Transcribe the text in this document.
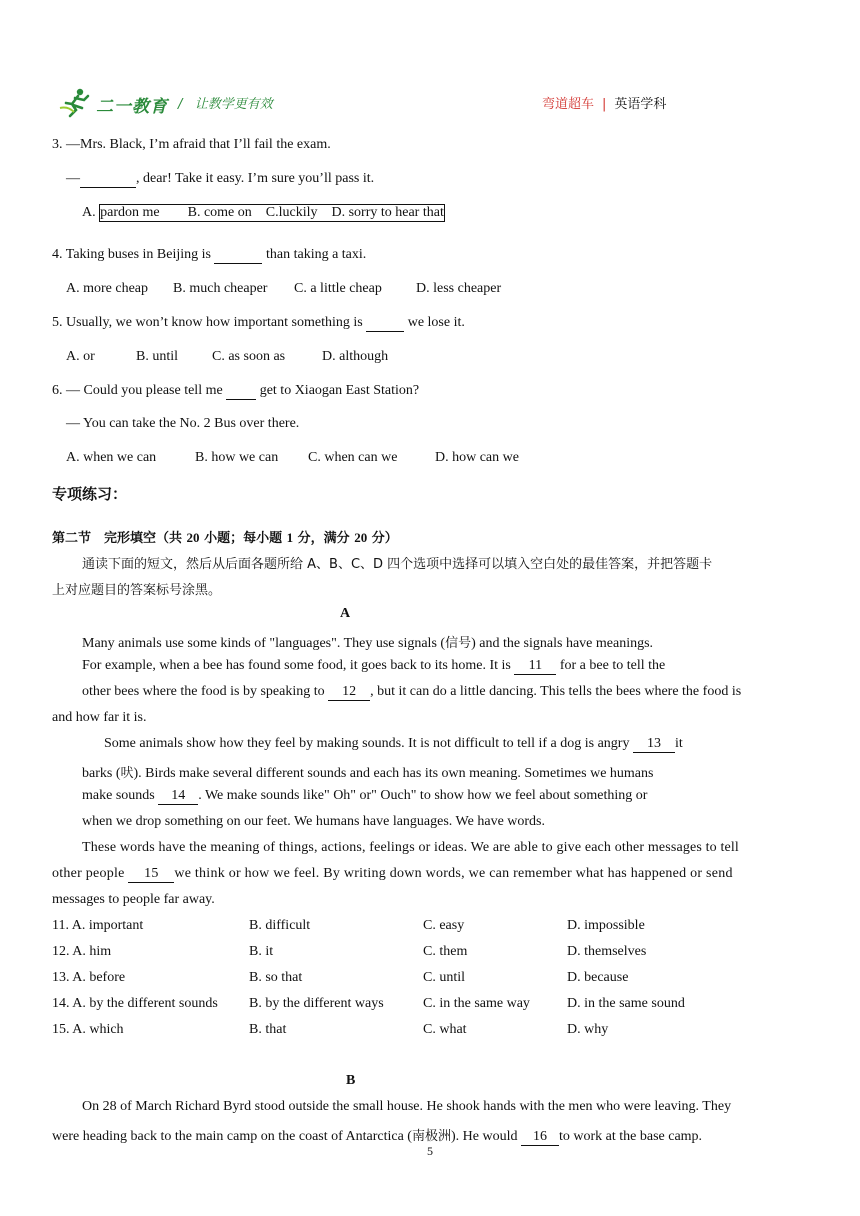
二一教育 / 让教学更有效	弯道超车 | 英语学科
3. —Mrs. Black, I’m afraid that I’ll fail the exam.
—	, dear! Take it easy. I’m sure you’ll pass it.
A. pardon me        B. come on    C.luckily    D. sorry to hear that
4. Taking buses in Beijing is	than taking a taxi.
A. more cheap B. much cheaper C. a little cheap D. less cheaper
5. Usually, we won’t know how important something is	we lose it.
A. or	B. until C. as soon as	D. although
6. — Could you please tell me	get to Xiaogan East Station?
— You can take the No. 2 Bus over there.
A. when we can	B. how we can C. when can we	D. how can we
专项练习：
第二节　完形填空（共 20 小题；每小题 1 分，满分 20 分）
通读下面的短文，然后从后面各题所给 A、B、C、D 四个选项中选择可以填入空白处的最佳答案，并把答题卡
上对应题目的答案标号涂黑。
A
Many animals use some kinds of "languages". They use signals (信号) and the signals have meanings.
For example, when a bee has found some food, it goes back to its home. It is 11 for a bee to tell the
other bees where the food is by speaking to 12 , but it can do a little dancing. This tells the bees where the food is
and how far it is.
Some animals show how they feel by making sounds. It is not difficult to tell if a dog is angry 13 it
barks (吠). Birds make several different sounds and each has its own meaning. Sometimes we humans
make sounds 14 . We make sounds like" Oh" or" Ouch" to show how we feel about something or
when we drop something on our feet. We humans have languages. We have words.
These words have the meaning of things, actions, feelings or ideas. We are able to give each other messages to tell
other people 15 we think or how we feel. By writing down words, we can remember what has happened or send
messages to people far away.
11. A. important	B. difficult	C. easy	D. impossible
12. A. him	B. it	C. them	D. themselves
13. A. before	B. so that	C. until	D. because
14. A. by the different sounds B. by the different ways	C. in the same way	D. in the same sound
15. A. which	B. that	C. what	D. why
B
On 28 of March Richard Byrd stood outside the small house. He shook hands with the men who were leaving. They
were heading back to the main camp on the coast of Antarctica (南极洲). He would 16 to work at the base camp.
5
